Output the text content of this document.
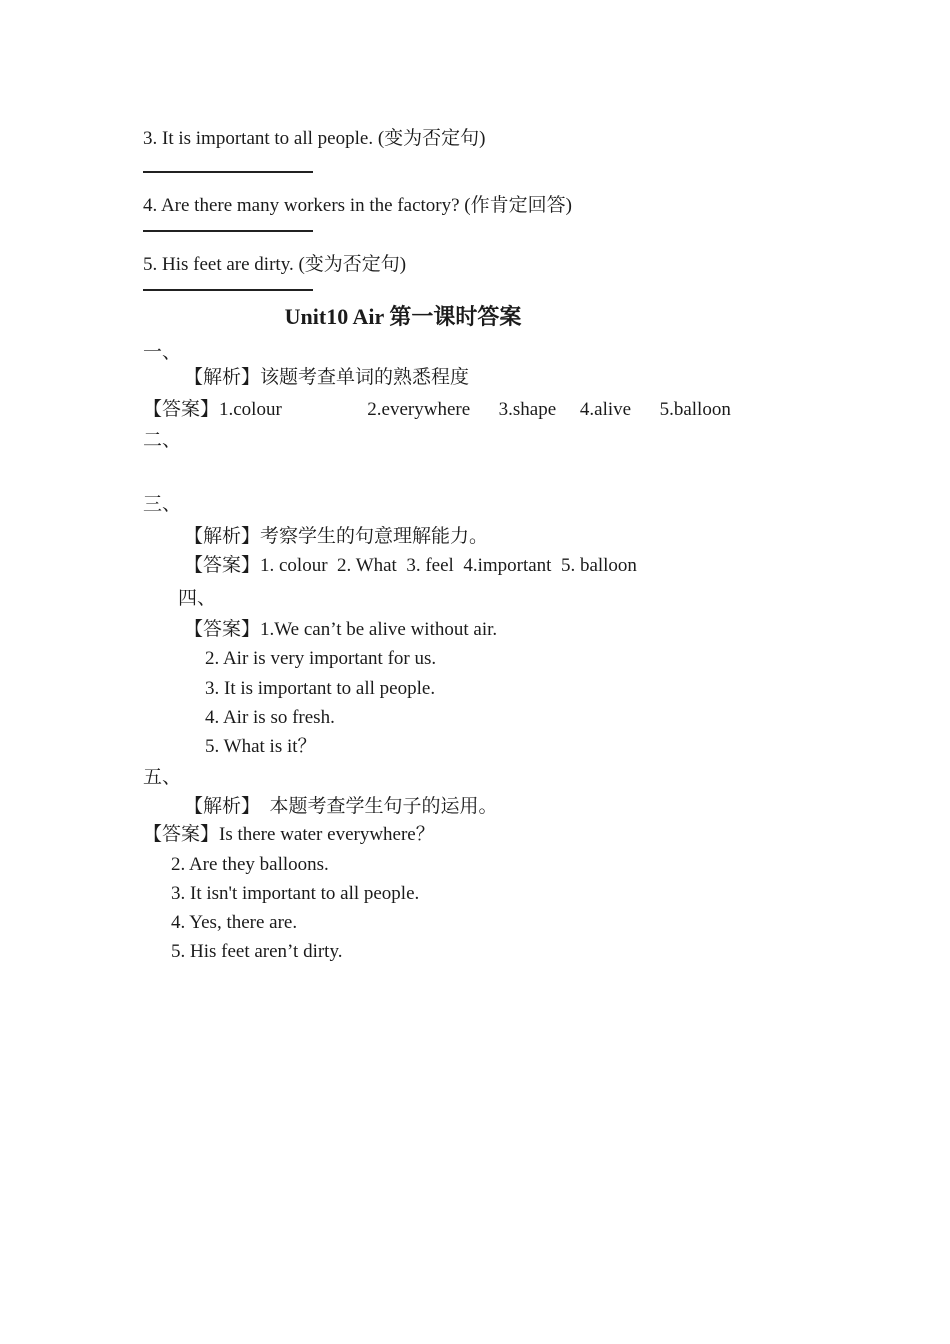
3. It is important to all people. (变为否定句)
4. Are there many workers in the factory? (作肯定回答)
5. His feet are dirty. (变为否定句)
Unit10 Air 第一课时答案
一、
【解析】该题考查单词的熟悉程度
【答案】1.colour                  2.everywhere      3.shape     4.alive      5.balloon
二、
三、
【解析】考察学生的句意理解能力。
【答案】1. colour  2. What  3. feel  4.important  5. balloon
四、
【答案】1.We can’t be alive without air.
2. Air is very important for us.
3. It is important to all people.
4. Air is so fresh.
5. What is it？
五、
【解析】　本题考查学生句子的运用。
【答案】Is there water everywhere？
2. Are they balloons.
3. It isn't important to all people.
4. Yes, there are.
5. His feet aren’t dirty.
